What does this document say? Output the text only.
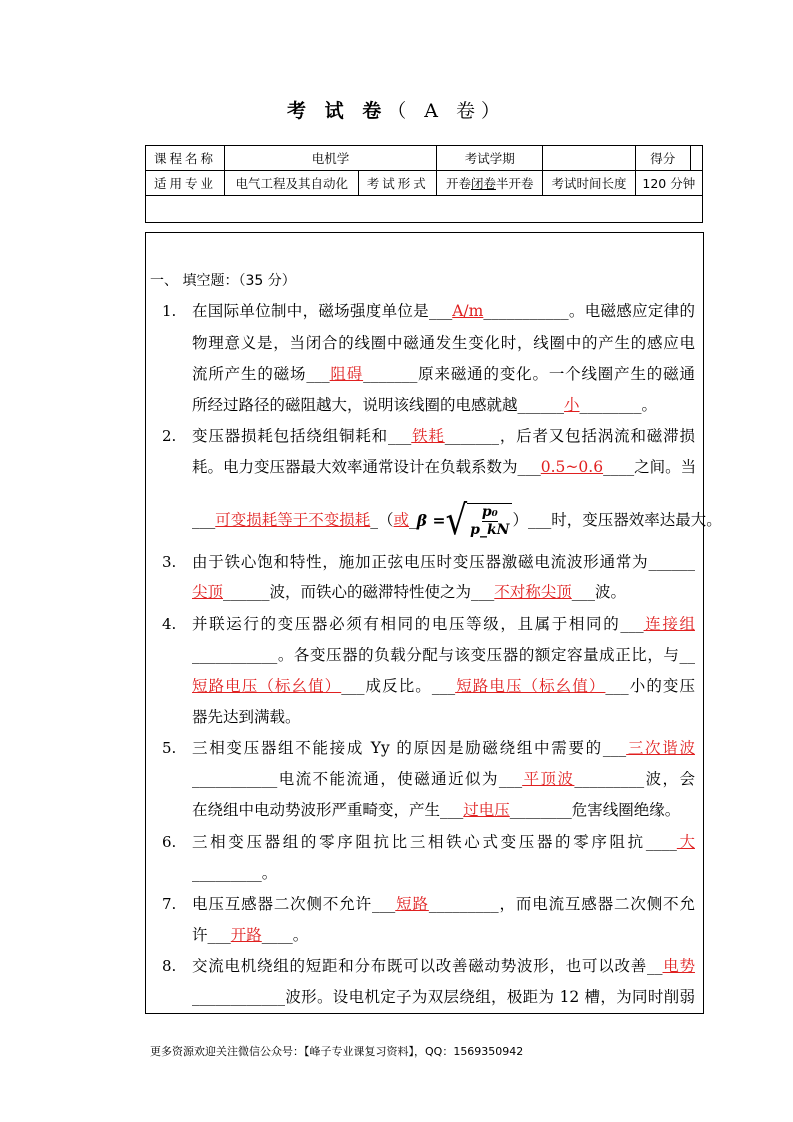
考 试 卷（ A 卷）
课程名称	电机学		考试学期		得分	
适用专业	电气工程及其自动化	考试形式	开卷闭卷半开卷	考试时间长度	120 分钟	

一、 填空题：（35 分）
1. 在国际单位制中，磁场强度单位是___A/m___________。电磁感应定律的
物理意义是，当闭合的线圈中磁通发生变化时，线圈中的产生的感应电
流所产生的磁场___阻碍_______原来磁通的变化。一个线圈产生的磁通
所经过路径的磁阻越大，说明该线圈的电感就越______小________。
2. 变压器损耗包括绕组铜耗和___铁耗_______，后者又包括涡流和磁滞损
耗。电力变压器最大效率通常设计在负载系数为___0.5~0.6____之间。当
___可变损耗等于不变损耗_（或_ β = √ $\frac{\text{p₀}}{p\_kN}$ ）___时，变压器效率达最大。
3. 由于铁心饱和特性，施加正弦电压时变压器激磁电流波形通常为______
尖顶______波，而铁心的磁滞特性使之为___不对称尖顶___波。
4. 并联运行的变压器必须有相同的电压等级，且属于相同的___连接组
___________。各变压器的负载分配与该变压器的额定容量成正比，与__
短路电压（标幺值）___成反比。___短路电压（标幺值）___小的变压
器先达到满载。
5. 三相变压器组不能接成 Yy 的原因是励磁绕组中需要的___三次谐波
___________电流不能流通，使磁通近似为___平顶波_________波，会
在绕组中电动势波形严重畸变，产生___过电压________危害线圈绝缘。
6. 三相变压器组的零序阻抗比三相铁心式变压器的零序阻抗____大
_________。
7. 电压互感器二次侧不允许___短路_________，而电流互感器二次侧不允
许___开路____。
8. 交流电机绕组的短距和分布既可以改善磁动势波形，也可以改善__电势
____________波形。设电机定子为双层绕组，极距为 12 槽，为同时削弱
更多资源欢迎关注微信公众号：【峰子专业课复习资料】，QQ：1569350942
